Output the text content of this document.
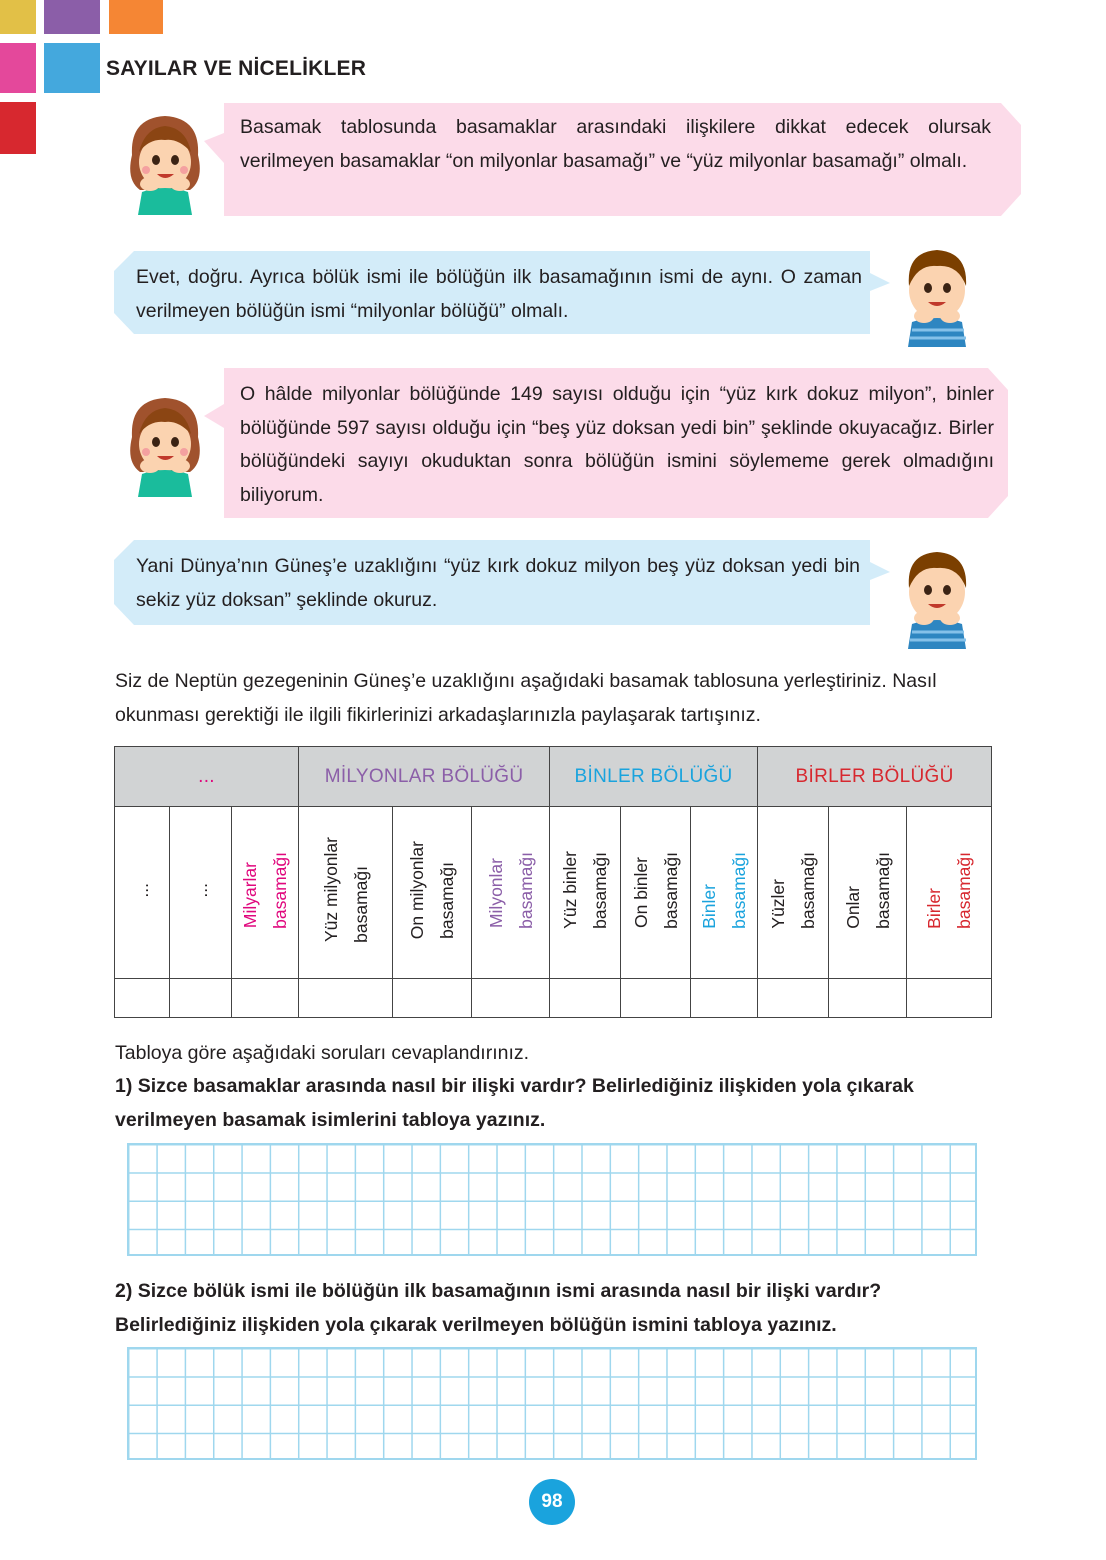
SAYILAR VE NİCELİKLER
Basamak tablosunda basamaklar arasındaki ilişkilere dikkat edecek olursak verilmeyen basamaklar “on milyonlar basamağı” ve “yüz milyonlar basamağı” olmalı.
Evet, doğru. Ayrıca bölük ismi ile bölüğün ilk basamağının ismi de aynı. O zaman verilmeyen bölüğün ismi “milyonlar bölüğü” olmalı.
O hâlde milyonlar bölüğünde 149 sayısı olduğu için “yüz kırk dokuz milyon”, binler bölüğünde 597 sayısı olduğu için “beş yüz doksan yedi bin” şeklinde okuyacağız. Birler bölüğündeki sayıyı okuduktan sonra bölüğün ismini söylememe gerek olmadığını biliyorum.
Yani Dünya’nın Güneş’e uzaklığını “yüz kırk dokuz milyon beş yüz doksan yedi bin sekiz yüz doksan” şeklinde okuruz.
Siz de Neptün gezegeninin Güneş’e uzaklığını aşağıdaki basamak tablosuna yerleştiriniz. Nasıl okunması gerektiği ile ilgili fikirlerinizi arkadaşlarınızla paylaşarak tartışınız.
...			MİLYONLAR BÖLÜĞÜ			BİNLER BÖLÜĞÜ			BİRLER BÖLÜĞÜ		
...	...	Milyarlar basamağı	Yüz milyonlar basamağı	On milyonlar basamağı	Milyonlar basamağı	Yüz binler basamağı	On binler basamağı	Binler basamağı	Yüzler basamağı	Onlar basamağı	Birler basamağı

Tabloya göre aşağıdaki soruları cevaplandırınız.
1) Sizce basamaklar arasında nasıl bir ilişki vardır? Belirlediğiniz ilişkiden yola çıkarak verilmeyen basamak isimlerini tabloya yazınız.
2) Sizce bölük ismi ile bölüğün ilk basamağının ismi arasında nasıl bir ilişki vardır? Belirlediğiniz ilişkiden yola çıkarak verilmeyen bölüğün ismini tabloya yazınız.
98
